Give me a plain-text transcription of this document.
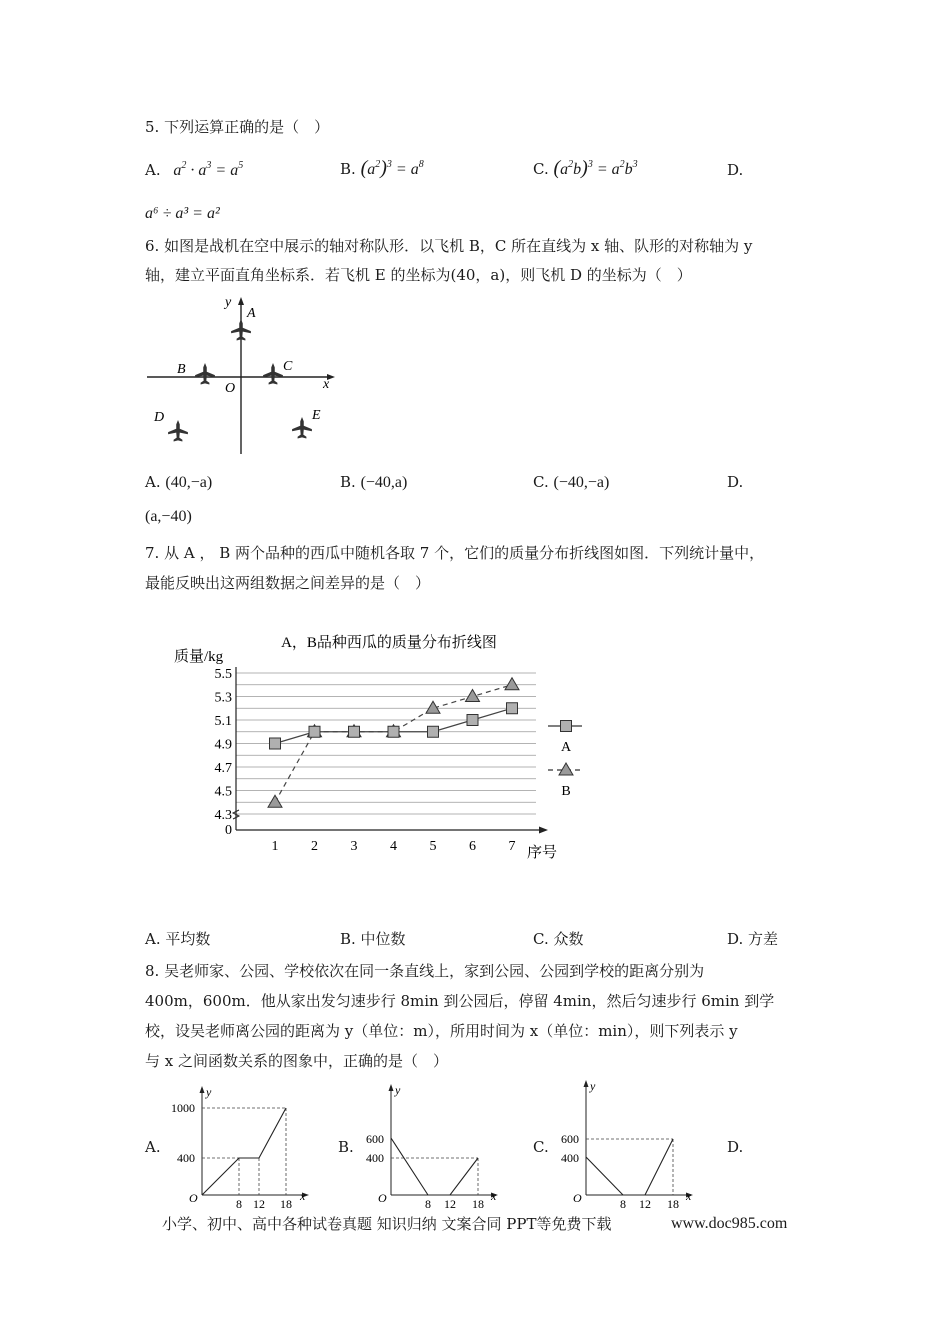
5. 下列运算正确的是（　）
A. $a^2 \cdot a^3 = a^5$	B. $(a^2)^3 = a^8$	C. $(a^2b)^3 = a^2b^3$	D.
a⁶ ÷ a³ = a²
6. 如图是战机在空中展示的轴对称队形．以飞机 B，C 所在直线为 x 轴、队形的对称轴为 y
轴，建立平面直角坐标系．若飞机 E 的坐标为(40，a)，则飞机 D 的坐标为（　）
y
x
O
A
B	C
D	E
A. (40,−a)	B. (−40,a)	C. (−40,−a)	D.
(a,−40)
7. 从 A ， B 两个品种的西瓜中随机各取 7 个，它们的质量分布折线图如图．下列统计量中，
最能反映出这两组数据之间差异的是（　）
A，B品种西瓜的质量分布折线图
质量/kg
序号
5.5
5.3
5.1
4.9
4.7
4.5
4.3
0
1 2 3 4 5 6 7
A
B
A. 平均数	B. 中位数	C. 众数	D. 方差
8. 吴老师家、公园、学校依次在同一条直线上，家到公园、公园到学校的距离分别为
400m，600m．他从家出发匀速步行 8min 到公园后，停留 4min，然后匀速步行 6min 到学
校，设吴老师离公园的距离为 y（单位：m），所用时间为 x（单位：min），则下列表示 y
与 x 之间函数关系的图象中，正确的是（　）
A.	B.	C.	D.
y
x
O
1000
400
8 12 18
y
x
O
600
400
8 12 18
y
x
O
600
400
8 12 18
小学、初中、高中各种试卷真题 知识归纳 文案合同 PPT等免费下载	www.doc985.com
